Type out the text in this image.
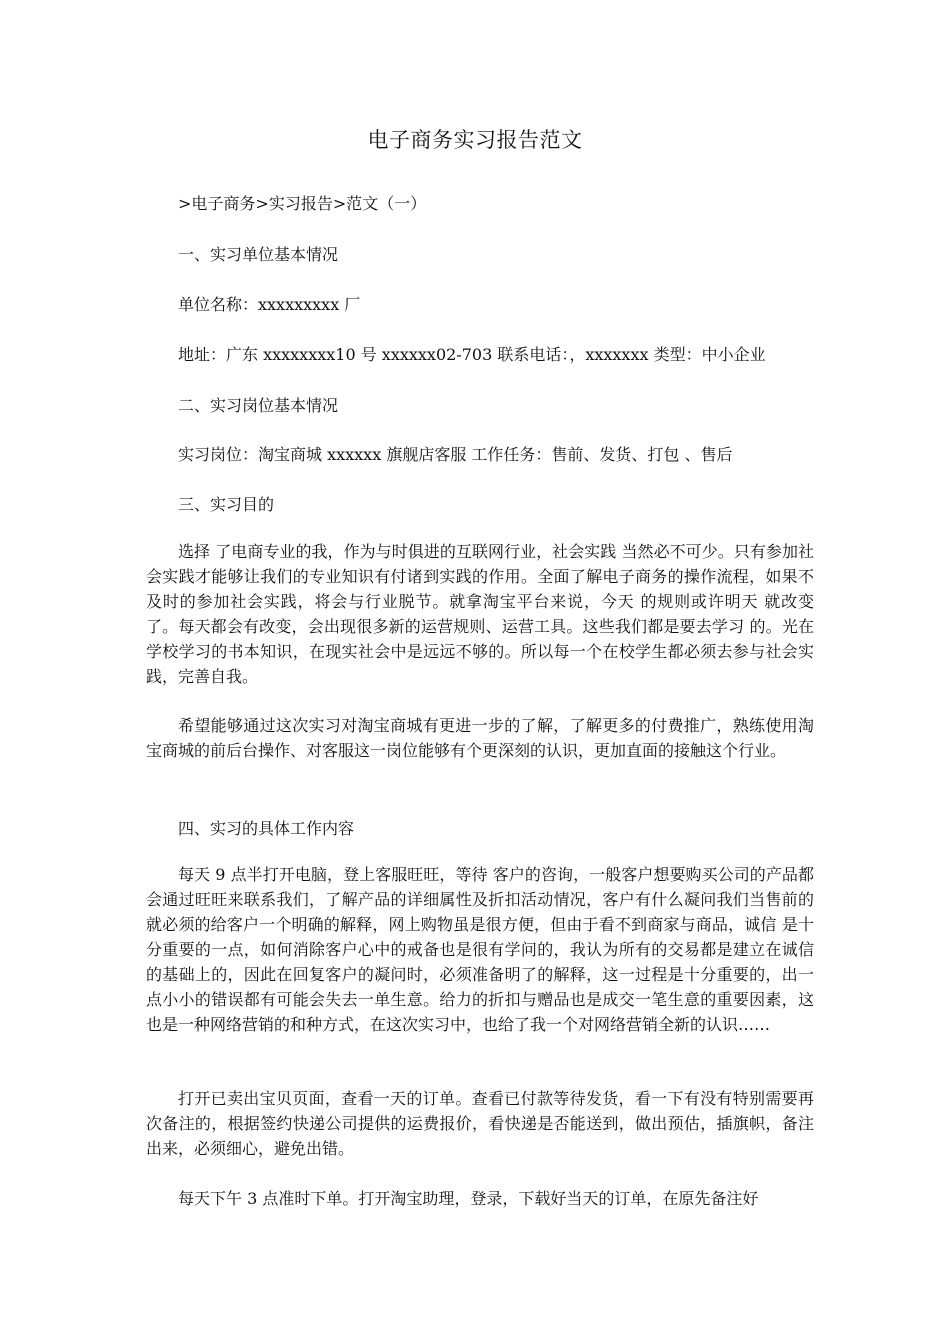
电子商务实习报告范文
>电子商务>实习报告>范文（一）
一、实习单位基本情况
单位名称：xxxxxxxxx 厂
地址：广东 xxxxxxxx10 号 xxxxxx02-703 联系电话：，xxxxxxx 类型：中小企业
二、实习岗位基本情况
实习岗位：淘宝商城 xxxxxx 旗舰店客服 工作任务：售前、发货、打包 、售后
三、实习目的
选择 了电商专业的我，作为与时俱进的互联网行业，社会实践 当然必不可少。只有参加社会实践才能够让我们的专业知识有付诸到实践的作用。全面了解电子商务的操作流程，如果不及时的参加社会实践，将会与行业脱节。就拿淘宝平台来说，今天 的规则或许明天 就改变 了。每天都会有改变，会出现很多新的运营规则、运营工具。这些我们都是要去学习 的。光在学校学习的书本知识，在现实社会中是远远不够的。所以每一个在校学生都必须去参与社会实践，完善自我。
希望能够通过这次实习对淘宝商城有更进一步的了解，了解更多的付费推广，熟练使用淘宝商城的前后台操作、对客服这一岗位能够有个更深刻的认识，更加直面的接触这个行业。
四、实习的具体工作内容
每天 9 点半打开电脑，登上客服旺旺，等待 客户的咨询，一般客户想要购买公司的产品都会通过旺旺来联系我们，了解产品的详细属性及折扣活动情况，客户有什么凝问我们当售前的就必须的给客户一个明确的解释，网上购物虽是很方便，但由于看不到商家与商品，诚信 是十分重要的一点，如何消除客户心中的戒备也是很有学问的，我认为所有的交易都是建立在诚信的基础上的，因此在回复客户的凝问时，必须准备明了的解释，这一过程是十分重要的，出一点小小的错误都有可能会失去一单生意。给力的折扣与赠品也是成交一笔生意的重要因素，这也是一种网络营销的和种方式，在这次实习中，也给了我一个对网络营销全新的认识……
打开已卖出宝贝页面，查看一天的订单。查看已付款等待发货，看一下有没有特别需要再次备注的，根据签约快递公司提供的运费报价，看快递是否能送到，做出预估，插旗帜，备注出来，必须细心，避免出错。
每天下午 3 点准时下单。打开淘宝助理，登录，下载好当天的订单，在原先备注好
